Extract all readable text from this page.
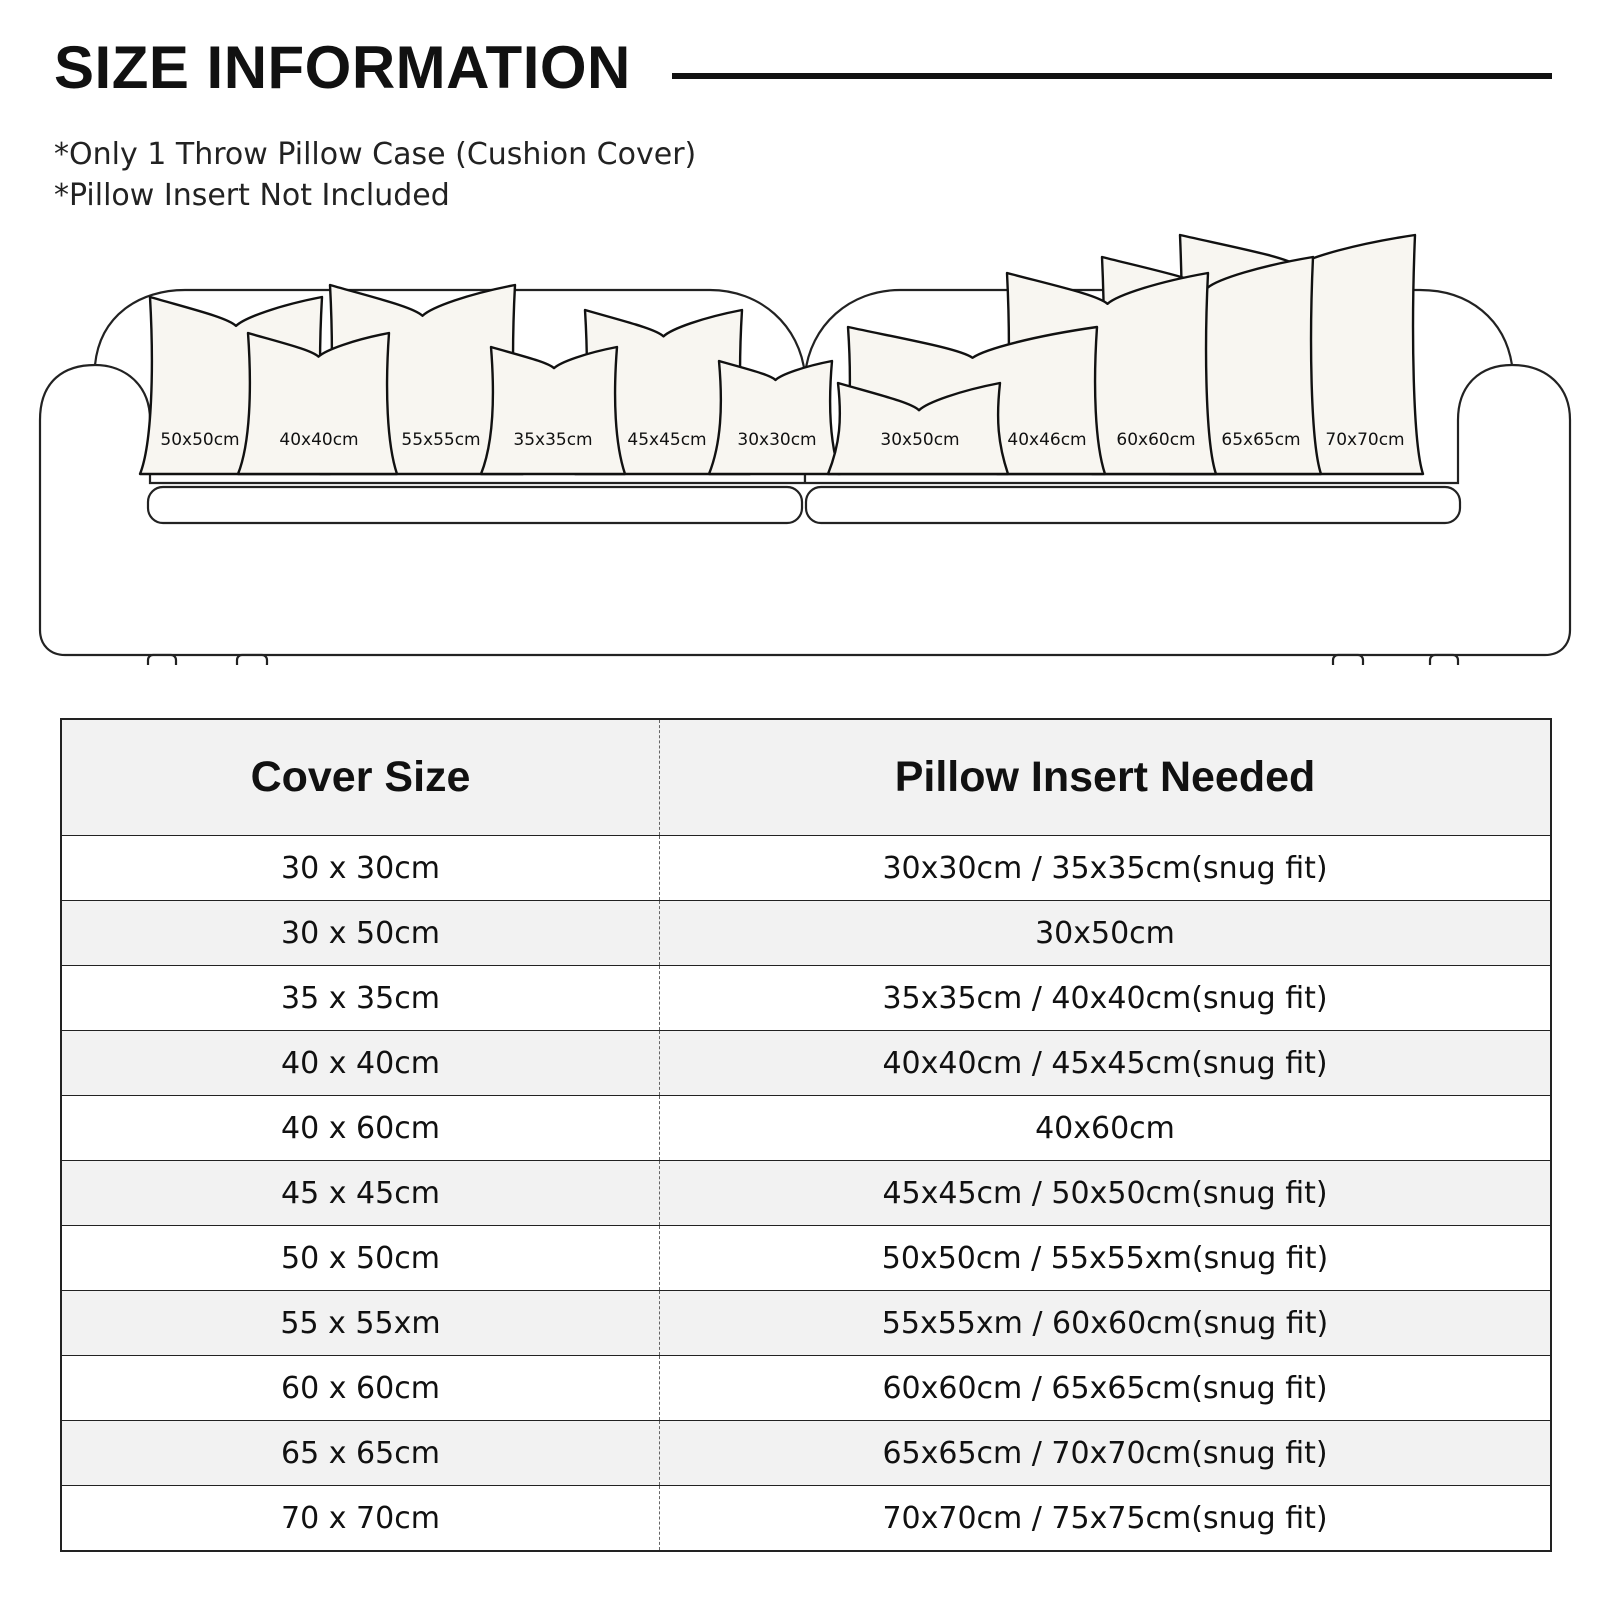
SIZE INFORMATION
*Only 1 Throw Pillow Case (Cushion Cover)
*Pillow Insert Not Included
50x50cm	55x55cm	45x45cm	70x70cm
65x65cm
60x60cm
40x46cm
40x40cm	35x35cm	30x30cm	30x50cm
Cover Size	Pillow Insert Needed
30 x 30cm	30x30cm / 35x35cm(snug fit)
30 x 50cm	30x50cm
35 x 35cm	35x35cm / 40x40cm(snug fit)
40 x 40cm	40x40cm / 45x45cm(snug fit)
40 x 60cm	40x60cm
45 x 45cm	45x45cm / 50x50cm(snug fit)
50 x 50cm	50x50cm / 55x55xm(snug fit)
55 x 55xm	55x55xm / 60x60cm(snug fit)
60 x 60cm	60x60cm / 65x65cm(snug fit)
65 x 65cm	65x65cm / 70x70cm(snug fit)
70 x 70cm	70x70cm / 75x75cm(snug fit)
